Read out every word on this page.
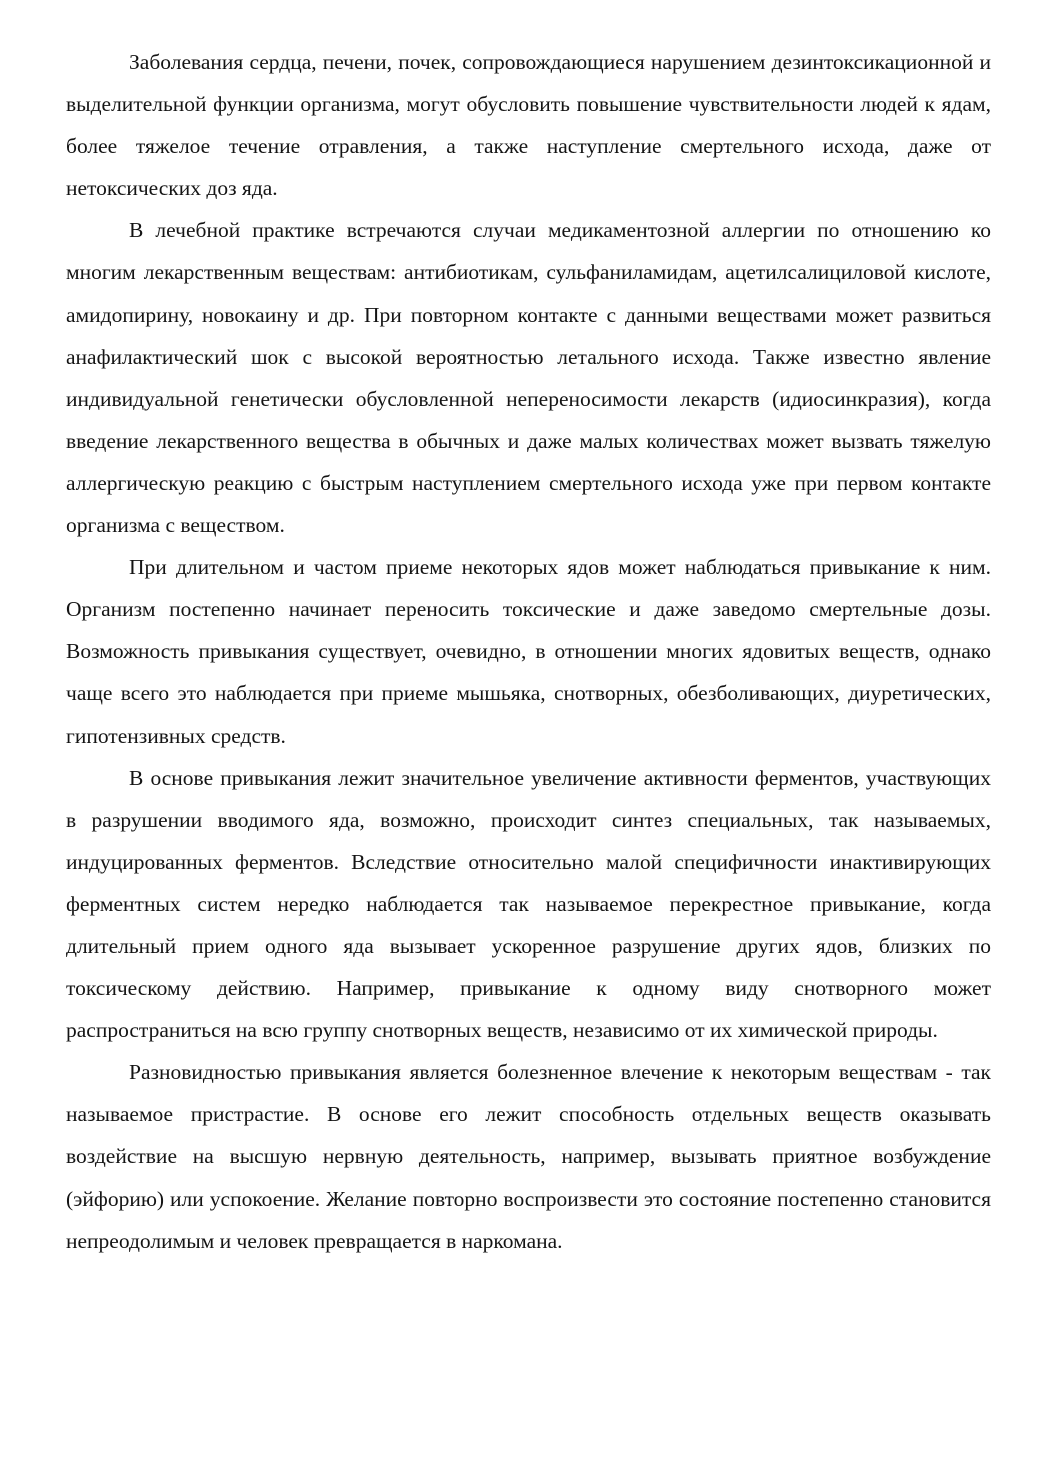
Заболевания сердца, печени, почек, сопровождающиеся нарушением дезинтоксикационной и выделительной функции организма, могут обусловить повышение чувствительности людей к ядам, более тяжелое течение отравления, а также наступление смертельного исхода, даже от нетоксических доз яда.

В лечебной практике встречаются случаи медикаментозной аллергии по отношению ко многим лекарственным веществам: антибиотикам, сульфаниламидам, ацетилсалициловой кислоте, амидопирину, новокаину и др. При повторном контакте с данными веществами может развиться анафилактический шок с высокой вероятностью летального исхода. Также известно явление индивидуальной генетически обусловленной непереносимости лекарств (идиосинкразия), когда введение лекарственного вещества в обычных и даже малых количествах может вызвать тяжелую аллергическую реакцию с быстрым наступлением смертельного исхода уже при первом контакте организма с веществом.

При длительном и частом приеме некоторых ядов может наблюдаться привыкание к ним. Организм постепенно начинает переносить токсические и даже заведомо смертельные дозы. Возможность привыкания существует, очевидно, в отношении многих ядовитых веществ, однако чаще всего это наблюдается при приеме мышьяка, снотворных, обезболивающих, диуретических, гипотензивных средств.

В основе привыкания лежит значительное увеличение активности ферментов, участвующих в разрушении вводимого яда, возможно, происходит синтез специальных, так называемых, индуцированных ферментов. Вследствие относительно малой специфичности инактивирующих ферментных систем нередко наблюдается так называемое перекрестное привыкание, когда длительный прием одного яда вызывает ускоренное разрушение других ядов, близких по токсическому действию. Например, привыкание к одному виду снотворного может распространиться на всю группу снотворных веществ, независимо от их химической природы.

Разновидностью привыкания является болезненное влечение к некоторым веществам - так называемое пристрастие. В основе его лежит способность отдельных веществ оказывать воздействие на высшую нервную деятельность, например, вызывать приятное возбуждение (эйфорию) или успокоение. Желание повторно воспроизвести это состояние постепенно становится непреодолимым и человек превращается в наркомана.
